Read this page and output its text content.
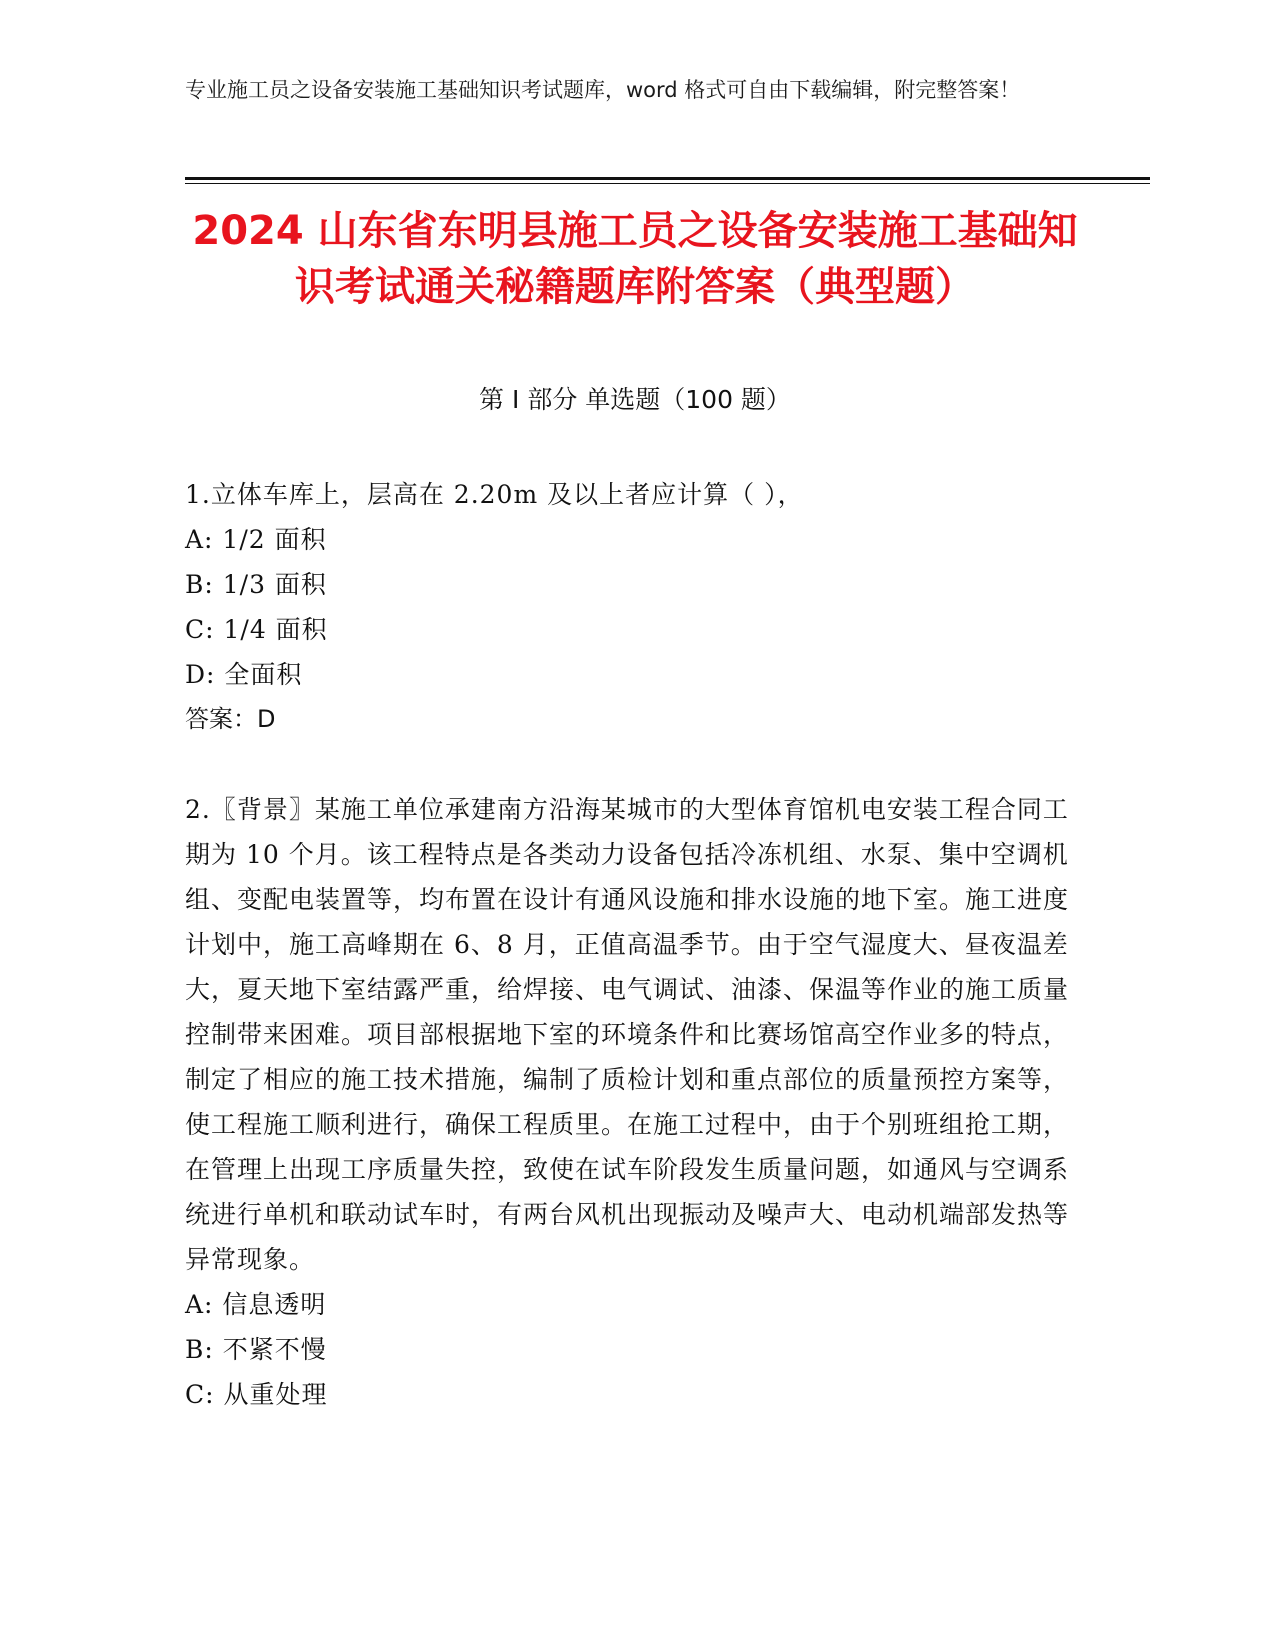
专业施工员之设备安装施工基础知识考试题库，word 格式可自由下载编辑，附完整答案！
2024 山东省东明县施工员之设备安装施工基础知识考试通关秘籍题库附答案（典型题）
第 I 部分 单选题（100 题）

1.立体车库上，层高在 2.20m 及以上者应计算（ ），

A: 1/2 面积

B: 1/3 面积

C: 1/4 面积

D: 全面积

答案：D

2.〖背景〗某施工单位承建南方沿海某城市的大型体育馆机电安装工程合同工期为 10 个月。该工程特点是各类动力设备包括冷冻机组、水泵、集中空调机组、变配电装置等，均布置在设计有通风设施和排水设施的地下室。施工进度计划中，施工高峰期在 6、8 月，正值高温季节。由于空气湿度大、昼夜温差大，夏天地下室结露严重，给焊接、电气调试、油漆、保温等作业的施工质量控制带来困难。项目部根据地下室的环境条件和比赛场馆高空作业多的特点，制定了相应的施工技术措施，编制了质检计划和重点部位的质量预控方案等，使工程施工顺利进行，确保工程质里。在施工过程中，由于个别班组抢工期，在管理上出现工序质量失控，致使在试车阶段发生质量问题，如通风与空调系统进行单机和联动试车时，有两台风机出现振动及噪声大、电动机端部发热等异常现象。

A: 信息透明

B: 不紧不慢

C: 从重处理
